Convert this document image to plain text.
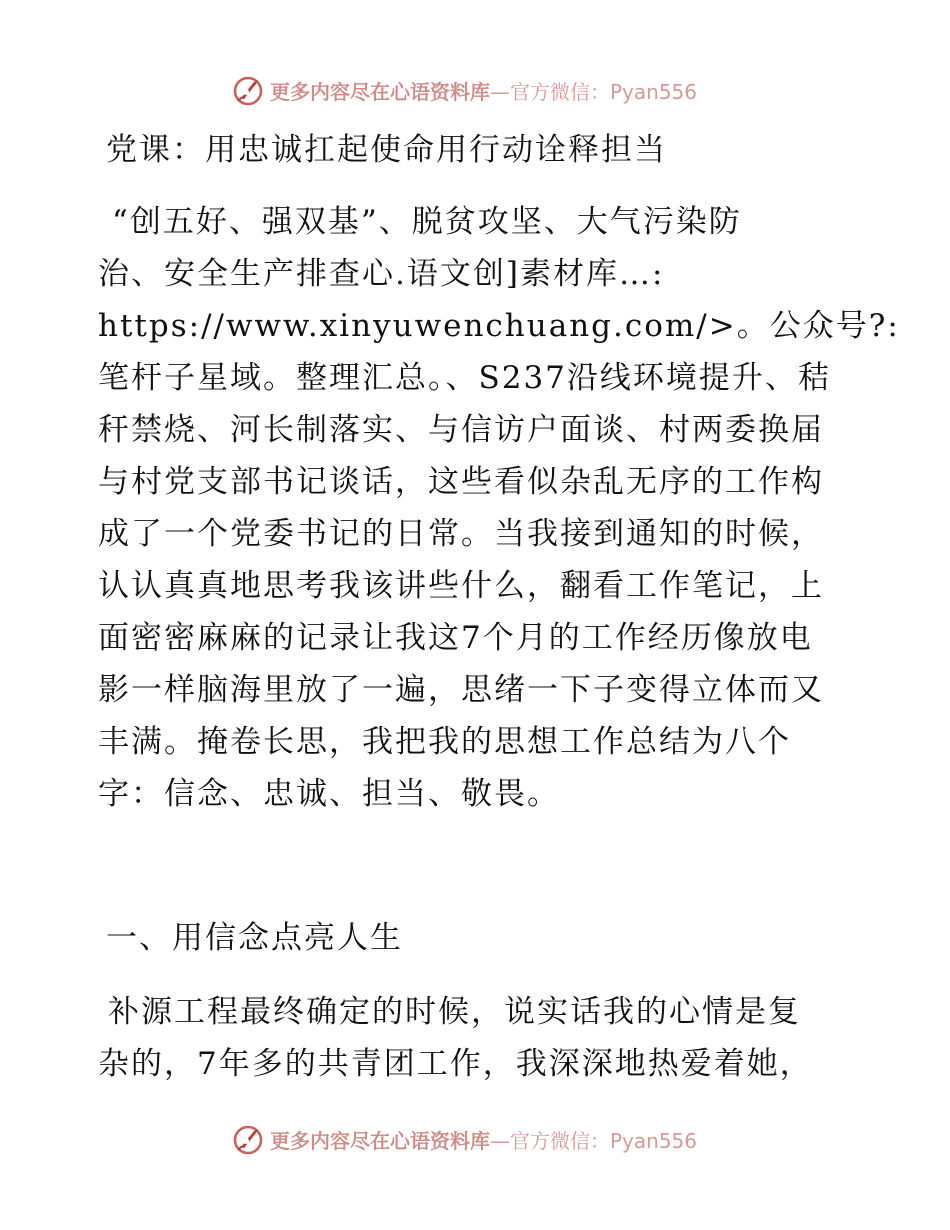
更多内容尽在心语资料库—官方微信：Pyan556
党课：用忠诚扛起使命用行动诠释担当
“创五好、强双基”、脱贫攻坚、大气污染防
治、安全生产排查心.语文创]素材库…:
https://www.xinyuwenchuang.com/>。公众号?:
笔杆子星域。整理汇总。、S237沿线环境提升、秸
秆禁烧、河长制落实、与信访户面谈、村两委换届
与村党支部书记谈话，这些看似杂乱无序的工作构
成了一个党委书记的日常。当我接到通知的时候，
认认真真地思考我该讲些什么，翻看工作笔记，上
面密密麻麻的记录让我这7个月的工作经历像放电
影一样脑海里放了一遍，思绪一下子变得立体而又
丰满。掩卷长思，我把我的思想工作总结为八个
字：信念、忠诚、担当、敬畏。
一、用信念点亮人生
补源工程最终确定的时候，说实话我的心情是复
杂的，7年多的共青团工作，我深深地热爱着她，
更多内容尽在心语资料库—官方微信：Pyan556
